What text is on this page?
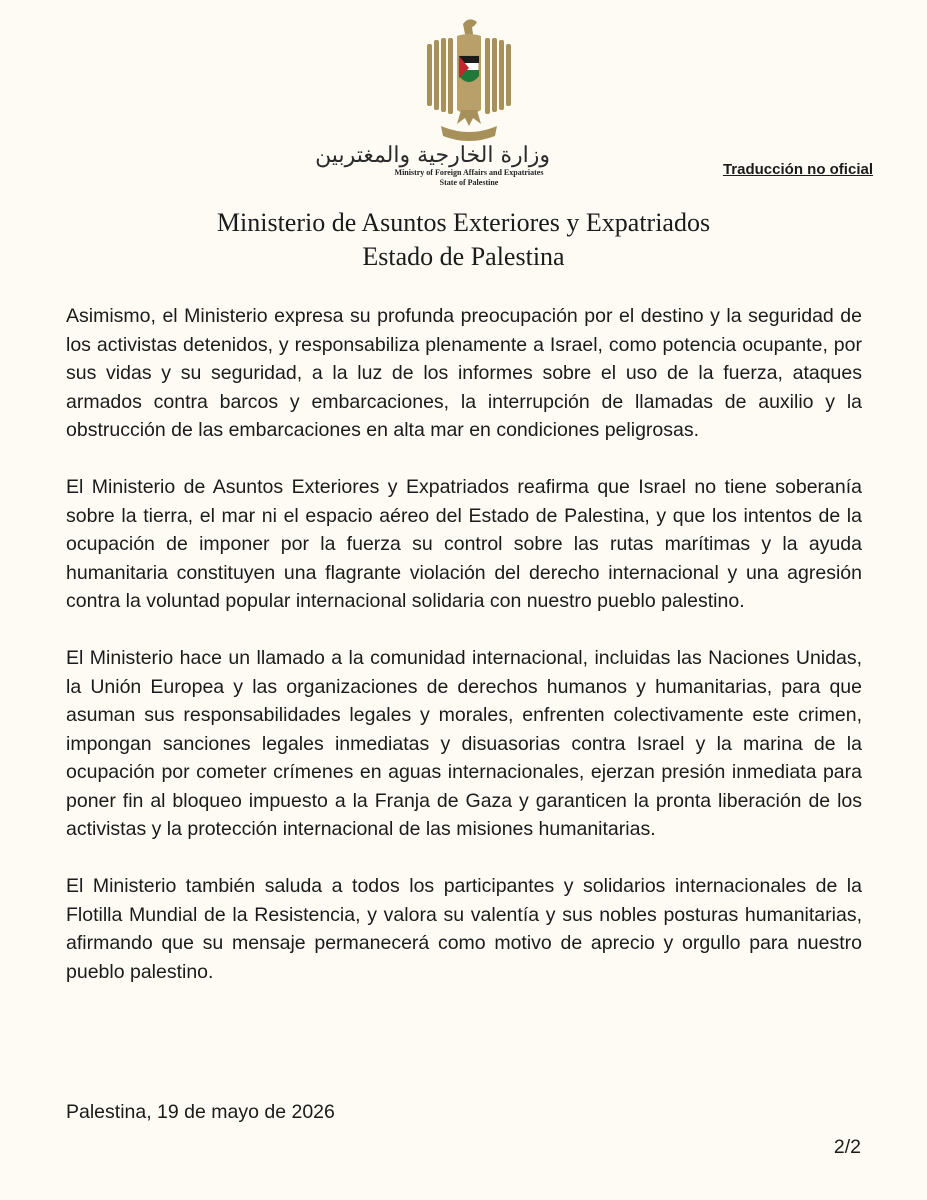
وزارة الخارجية والمغتربين
Ministry of Foreign Affairs and Expatriates
State of Palestine
Traducción no oficial
Ministerio de Asuntos Exteriores y Expatriados
Estado de Palestina

Asimismo, el Ministerio expresa su profunda preocupación por el destino y la seguridad de los activistas detenidos, y responsabiliza plenamente a Israel, como potencia ocupante, por sus vidas y su seguridad, a la luz de los informes sobre el uso de la fuerza, ataques armados contra barcos y embarcaciones, la interrupción de llamadas de auxilio y la obstrucción de las embarcaciones en alta mar en condiciones peligrosas.

El Ministerio de Asuntos Exteriores y Expatriados reafirma que Israel no tiene soberanía sobre la tierra, el mar ni el espacio aéreo del Estado de Palestina, y que los intentos de la ocupación de imponer por la fuerza su control sobre las rutas marítimas y la ayuda humanitaria constituyen una flagrante violación del derecho internacional y una agresión contra la voluntad popular internacional solidaria con nuestro pueblo palestino.

El Ministerio hace un llamado a la comunidad internacional, incluidas las Naciones Unidas, la Unión Europea y las organizaciones de derechos humanos y humanitarias, para que asuman sus responsabilidades legales y morales, enfrenten colectivamente este crimen, impongan sanciones legales inmediatas y disuasorias contra Israel y la marina de la ocupación por cometer crímenes en aguas internacionales, ejerzan presión inmediata para poner fin al bloqueo impuesto a la Franja de Gaza y garanticen la pronta liberación de los activistas y la protección internacional de las misiones humanitarias.

El Ministerio también saluda a todos los participantes y solidarios internacionales de la Flotilla Mundial de la Resistencia, y valora su valentía y sus nobles posturas humanitarias, afirmando que su mensaje permanecerá como motivo de aprecio y orgullo para nuestro pueblo palestino.

Palestina, 19 de mayo de 2026
2/2
